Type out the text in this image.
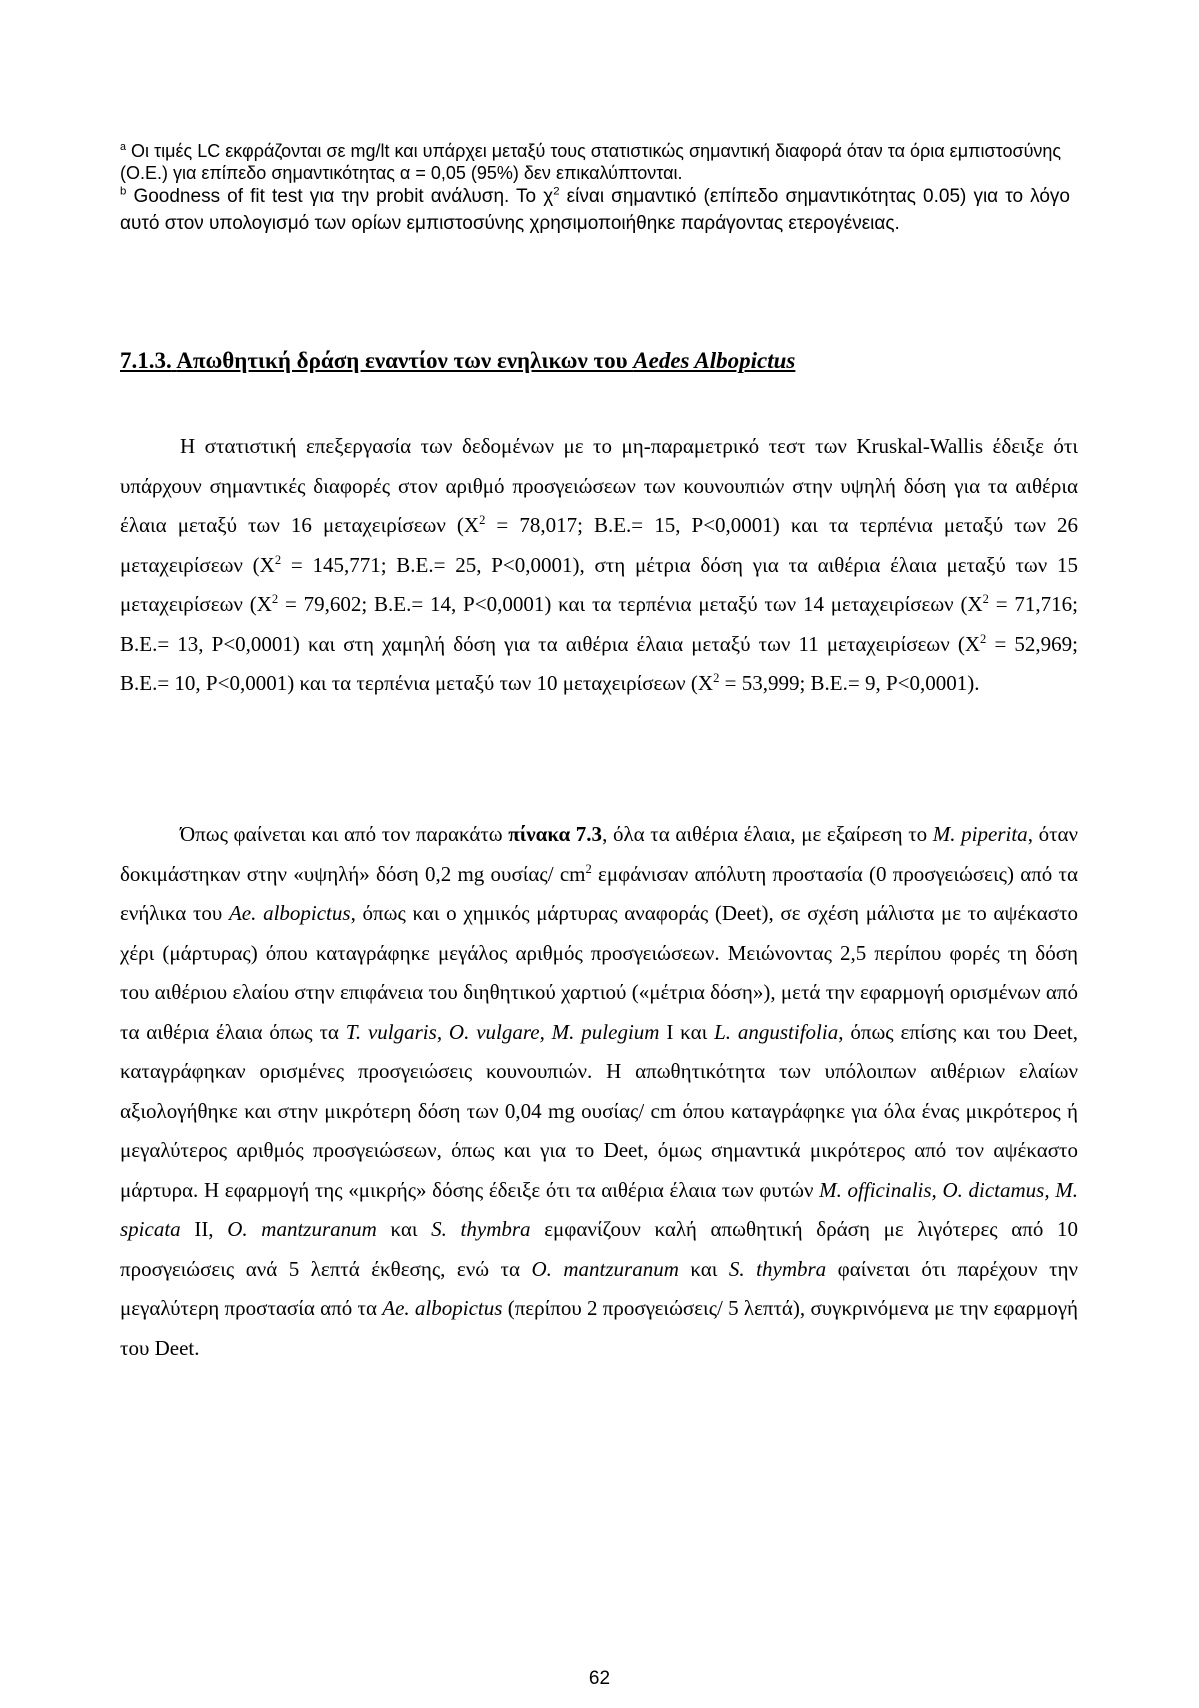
$^a$ Οι τιμές LC εκφράζονται σε mg/lt και υπάρχει μεταξύ τους στατιστικώς σημαντική διαφορά όταν τα όρια εμπιστοσύνης (Ο.Ε.) για επίπεδο σημαντικότητας α = 0,05 (95%) δεν επικαλύπτονται.
$^b$ Goodness of fit test για την probit ανάλυση. Το $\chi^2$ είναι σημαντικό (επίπεδο σημαντικότητας 0.05) για το λόγο αυτό στον υπολογισμό των ορίων εμπιστοσύνης χρησιμοποιήθηκε παράγοντας ετερογένειας.
7.1.3. Απωθητική δράση εναντίον των ενηλικων του Aedes Albopictus

Η στατιστική επεξεργασία των δεδομένων με το μη-παραμετρικό τεστ των Kruskal-Wallis έδειξε ότι υπάρχουν σημαντικές διαφορές στον αριθμό προσγειώσεων των κουνουπιών στην υψηλή δόση για τα αιθέρια έλαια μεταξύ των 16 μεταχειρίσεων ($X^2 = 78,017$; Β.Ε.= 15, P<0,0001) και τα τερπένια μεταξύ των 26 μεταχειρίσεων ($X^2 = 145,771$; Β.Ε.= 25, P<0,0001), στη μέτρια δόση για τα αιθέρια έλαια μεταξύ των 15 μεταχειρίσεων ($X^2 = 79,602$; Β.Ε.= 14, P<0,0001) και τα τερπένια μεταξύ των 14 μεταχειρίσεων ($X^2 = 71,716$; Β.Ε.= 13, P<0,0001) και στη χαμηλή δόση για τα αιθέρια έλαια μεταξύ των 11 μεταχειρίσεων ($X^2 = 52,969$; Β.Ε.= 10, P<0,0001) και τα τερπένια μεταξύ των 10 μεταχειρίσεων ($X^2 = 53,999$; Β.Ε.= 9, P<0,0001).

Όπως φαίνεται και από τον παρακάτω πίνακα 7.3, όλα τα αιθέρια έλαια, με εξαίρεση το M. piperita, όταν δοκιμάστηκαν στην «υψηλή» δόση 0,2 mg ουσίας/ $cm^2$ εμφάνισαν απόλυτη προστασία (0 προσγειώσεις) από τα ενήλικα του Ae. albopictus, όπως και ο χημικός μάρτυρας αναφοράς (Deet), σε σχέση μάλιστα με το αψέκαστο χέρι (μάρτυρας) όπου καταγράφηκε μεγάλος αριθμός προσγειώσεων. Μειώνοντας 2,5 περίπου φορές τη δόση του αιθέριου ελαίου στην επιφάνεια του διηθητικού χαρτιού («μέτρια δόση»), μετά την εφαρμογή ορισμένων από τα αιθέρια έλαια όπως τα T. vulgaris, O. vulgare, M. pulegium Ι και L. angustifolia, όπως επίσης και του Deet, καταγράφηκαν ορισμένες προσγειώσεις κουνουπιών. Η απωθητικότητα των υπόλοιπων αιθέριων ελαίων αξιολογήθηκε και στην μικρότερη δόση των 0,04 mg ουσίας/ cm όπου καταγράφηκε για όλα ένας μικρότερος ή μεγαλύτερος αριθμός προσγειώσεων, όπως και για το Deet, όμως σημαντικά μικρότερος από τον αψέκαστο μάρτυρα. Η εφαρμογή της «μικρής» δόσης έδειξε ότι τα αιθέρια έλαια των φυτών M. officinalis, O. dictamus, M. spicata II, O. mantzuranum και S. thymbra εμφανίζουν καλή απωθητική δράση με λιγότερες από 10 προσγειώσεις ανά 5 λεπτά έκθεσης, ενώ τα O. mantzuranum και S. thymbra φαίνεται ότι παρέχουν την μεγαλύτερη προστασία από τα Ae. albopictus (περίπου 2 προσγειώσεις/ 5 λεπτά), συγκρινόμενα με την εφαρμογή του Deet.

62
